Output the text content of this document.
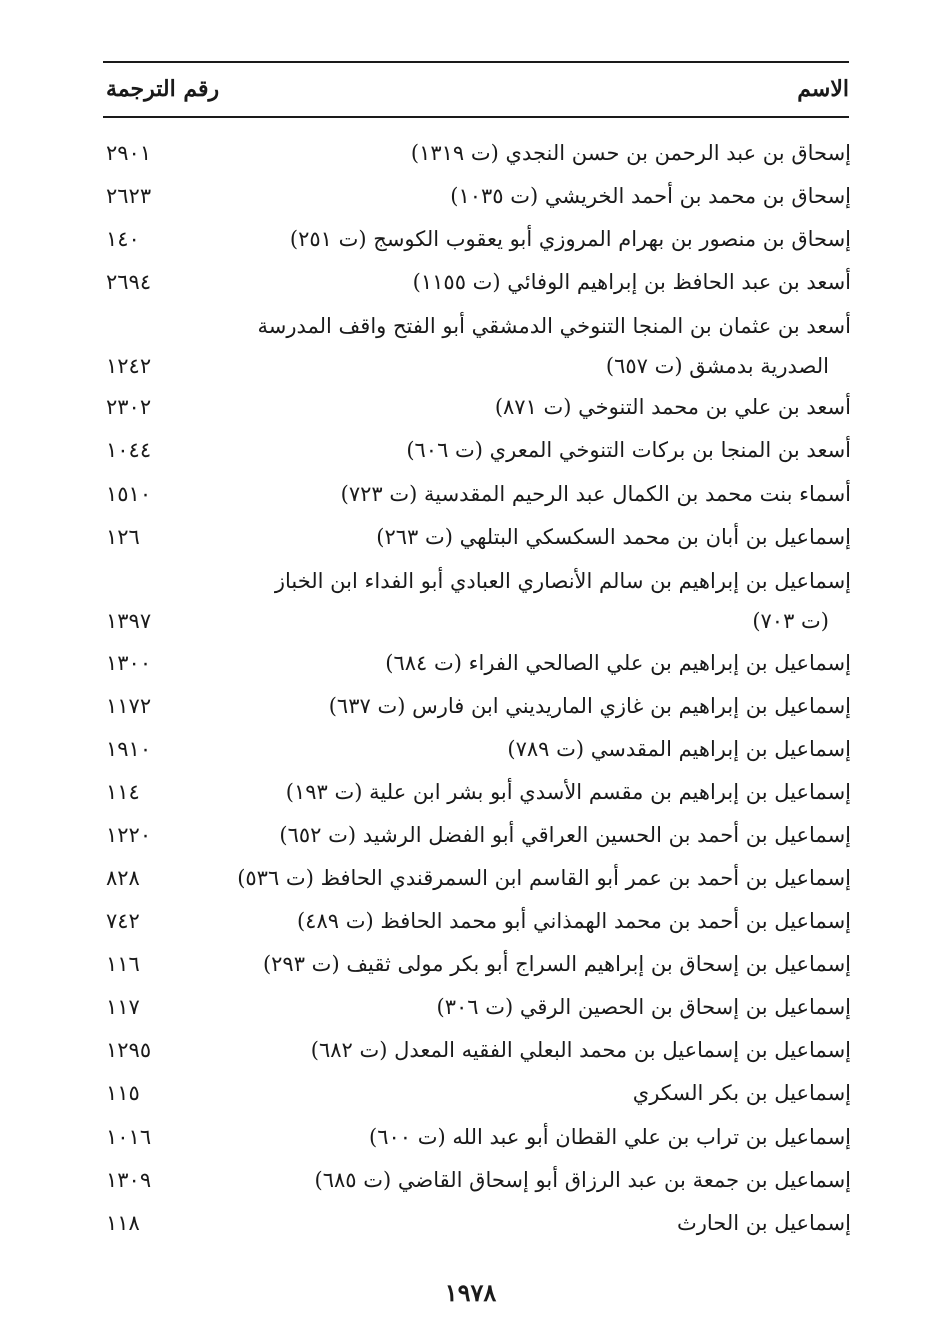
الاسم
رقم الترجمة
إسحاق بن عبد الرحمن بن حسن النجدي (ت ١٣١٩)
٢٩٠١
إسحاق بن محمد بن أحمد الخريشي (ت ١٠٣٥)
٢٦٢٣
إسحاق بن منصور بن بهرام المروزي أبو يعقوب الكوسج (ت ٢٥١)
١٤٠
أسعد بن عبد الحافظ بن إبراهيم الوفائي (ت ١١٥٥)
٢٦٩٤
أسعد بن عثمان بن المنجا التنوخي الدمشقي أبو الفتح واقف المدرسة
الصدرية بدمشق (ت ٦٥٧)
١٢٤٢
أسعد بن علي بن محمد التنوخي (ت ٨٧١)
٢٣٠٢
أسعد بن المنجا بن بركات التنوخي المعري (ت ٦٠٦)
١٠٤٤
أسماء بنت محمد بن الكمال عبد الرحيم المقدسية (ت ٧٢٣)
١٥١٠
إسماعيل بن أبان بن محمد السكسكي البتلهي (ت ٢٦٣)
١٢٦
إسماعيل بن إبراهيم بن سالم الأنصاري العبادي أبو الفداء ابن الخباز
(ت ٧٠٣)
١٣٩٧
إسماعيل بن إبراهيم بن علي الصالحي الفراء (ت ٦٨٤)
١٣٠٠
إسماعيل بن إبراهيم بن غازي الماريديني ابن فارس (ت ٦٣٧)
١١٧٢
إسماعيل بن إبراهيم المقدسي (ت ٧٨٩)
١٩١٠
إسماعيل بن إبراهيم بن مقسم الأسدي أبو بشر ابن علية (ت ١٩٣)
١١٤
إسماعيل بن أحمد بن الحسين العراقي أبو الفضل الرشيد (ت ٦٥٢)
١٢٢٠
إسماعيل بن أحمد بن عمر أبو القاسم ابن السمرقندي الحافظ (ت ٥٣٦)
٨٢٨
إسماعيل بن أحمد بن محمد الهمذاني أبو محمد الحافظ (ت ٤٨٩)
٧٤٢
إسماعيل بن إسحاق بن إبراهيم السراج أبو بكر مولى ثقيف (ت ٢٩٣)
١١٦
إسماعيل بن إسحاق بن الحصين الرقي (ت ٣٠٦)
١١٧
إسماعيل بن إسماعيل بن محمد البعلي الفقيه المعدل (ت ٦٨٢)
١٢٩٥
إسماعيل بن بكر السكري
١١٥
إسماعيل بن تراب بن علي القطان أبو عبد الله (ت ٦٠٠)
١٠١٦
إسماعيل بن جمعة بن عبد الرزاق أبو إسحاق القاضي (ت ٦٨٥)
١٣٠٩
إسماعيل بن الحارث
١١٨
١٩٧٨
